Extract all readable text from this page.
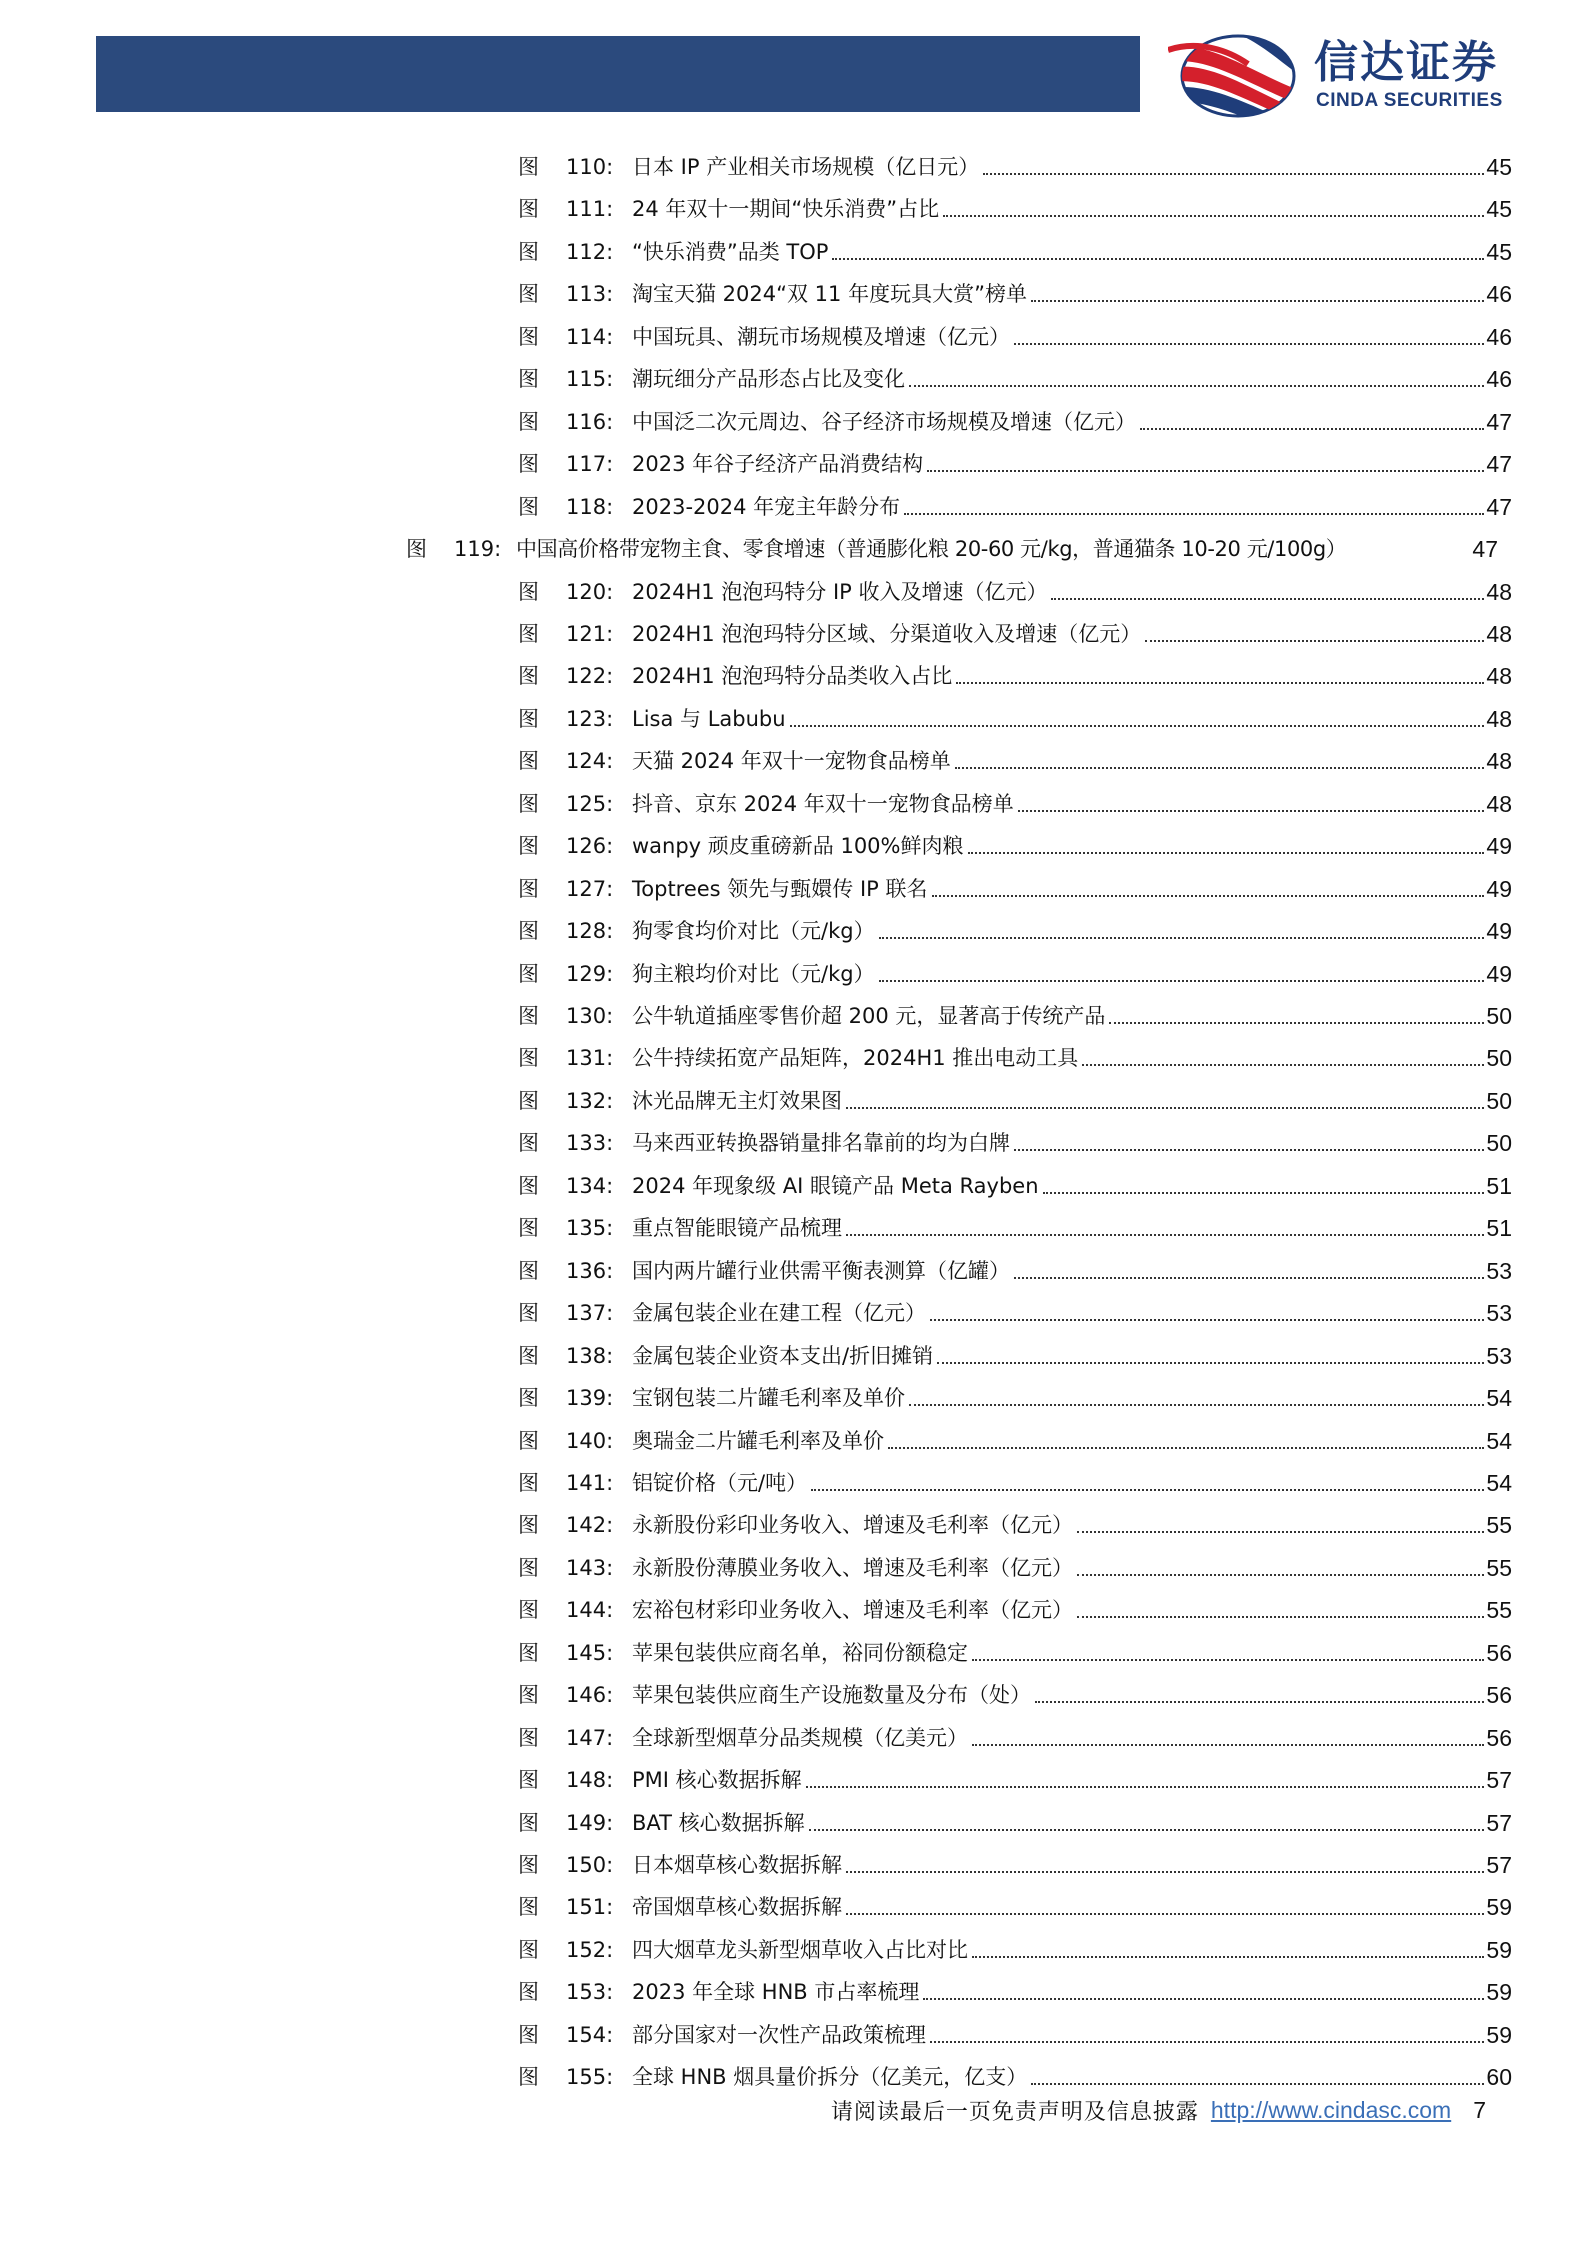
信达证券
CINDA SECURITIES
图 110: 日本 IP 产业相关市场规模（亿日元）	45
图 111: 24 年双十一期间“快乐消费”占比	45
图 112: “快乐消费”品类 TOP	45
图 113: 淘宝天猫 2024“双 11 年度玩具大赏”榜单	46
图 114: 中国玩具、潮玩市场规模及增速（亿元）	46
图 115: 潮玩细分产品形态占比及变化	46
图 116: 中国泛二次元周边、谷子经济市场规模及增速（亿元）	47
图 117: 2023 年谷子经济产品消费结构	47
图 118: 2023-2024 年宠主年龄分布	47
图 119: 中国高价格带宠物主食、零食增速（普通膨化粮 20-60 元/kg，普通猫条 10-20 元/100g）	47
图 120: 2024H1 泡泡玛特分 IP 收入及增速（亿元）	48
图 121: 2024H1 泡泡玛特分区域、分渠道收入及增速（亿元）	48
图 122: 2024H1 泡泡玛特分品类收入占比	48
图 123: Lisa 与 Labubu	48
图 124: 天猫 2024 年双十一宠物食品榜单	48
图 125: 抖音、京东 2024 年双十一宠物食品榜单	48
图 126: wanpy 顽皮重磅新品 100%鲜肉粮	49
图 127: Toptrees 领先与甄嬛传 IP 联名	49
图 128: 狗零食均价对比（元/kg）	49
图 129: 狗主粮均价对比（元/kg）	49
图 130: 公牛轨道插座零售价超 200 元，显著高于传统产品	50
图 131: 公牛持续拓宽产品矩阵，2024H1 推出电动工具	50
图 132: 沐光品牌无主灯效果图	50
图 133: 马来西亚转换器销量排名靠前的均为白牌	50
图 134: 2024 年现象级 AI 眼镜产品 Meta Rayben	51
图 135: 重点智能眼镜产品梳理	51
图 136: 国内两片罐行业供需平衡表测算（亿罐）	53
图 137: 金属包装企业在建工程（亿元）	53
图 138: 金属包装企业资本支出/折旧摊销	53
图 139: 宝钢包装二片罐毛利率及单价	54
图 140: 奥瑞金二片罐毛利率及单价	54
图 141: 铝锭价格（元/吨）	54
图 142: 永新股份彩印业务收入、增速及毛利率（亿元）	55
图 143: 永新股份薄膜业务收入、增速及毛利率（亿元）	55
图 144: 宏裕包材彩印业务收入、增速及毛利率（亿元）	55
图 145: 苹果包装供应商名单，裕同份额稳定	56
图 146: 苹果包装供应商生产设施数量及分布（处）	56
图 147: 全球新型烟草分品类规模（亿美元）	56
图 148: PMI 核心数据拆解	57
图 149: BAT 核心数据拆解	57
图 150: 日本烟草核心数据拆解	57
图 151: 帝国烟草核心数据拆解	59
图 152: 四大烟草龙头新型烟草收入占比对比	59
图 153: 2023 年全球 HNB 市占率梳理	59
图 154: 部分国家对一次性产品政策梳理	59
图 155: 全球 HNB 烟具量价拆分（亿美元，亿支）	60
请阅读最后一页免责声明及信息披露 http://www.cindasc.com 7
